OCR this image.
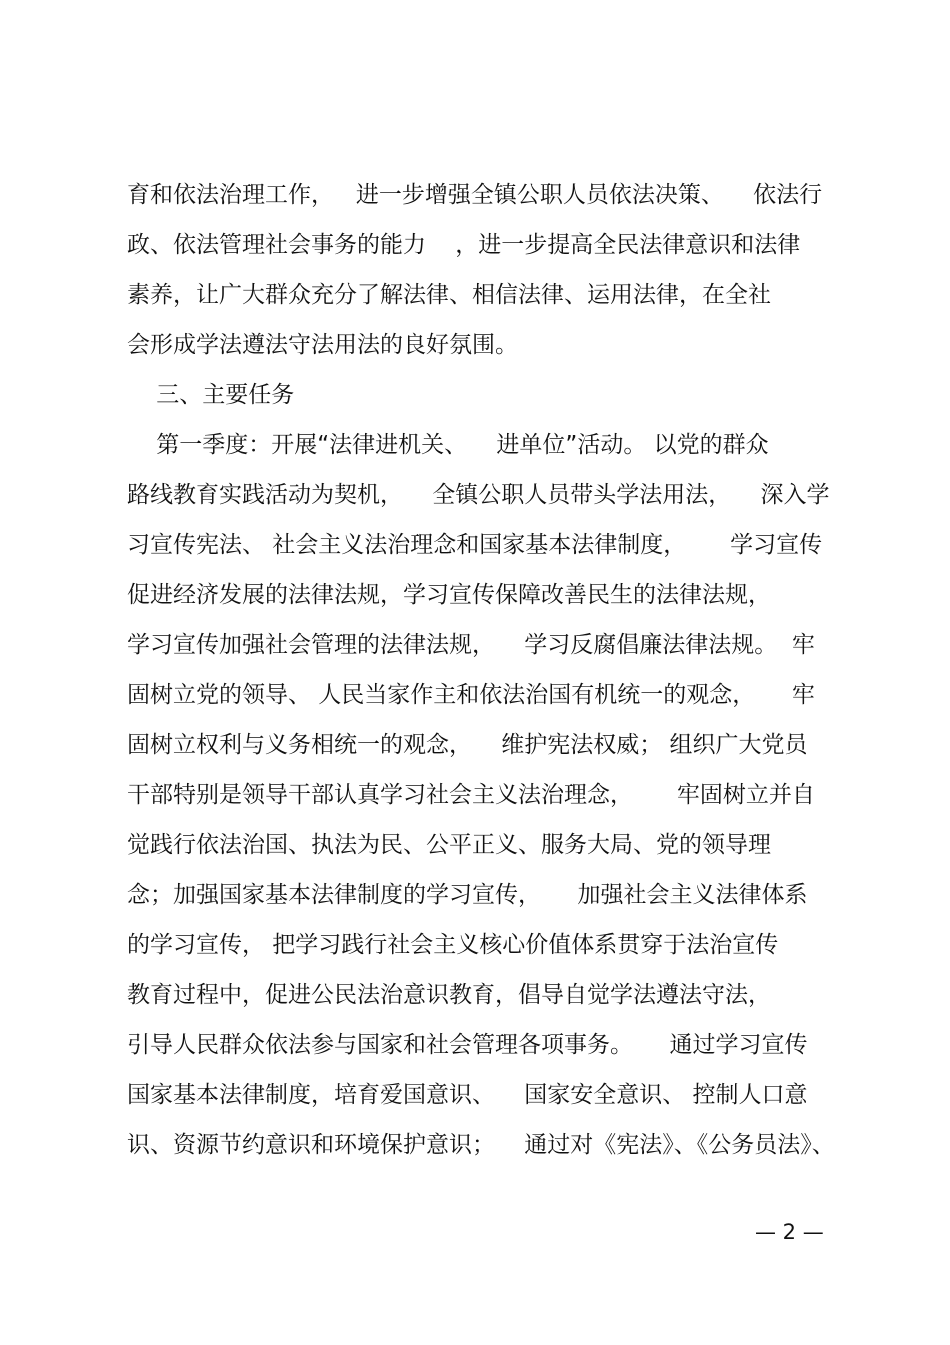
育和依法治理工作，   进一步增强全镇公职人员依法决策、    依法行
政、依法管理社会事务的能力    ，进一步提高全民法律意识和法律
素养，让广大群众充分了解法律、相信法律、运用法律，在全社
会形成学法遵法守法用法的良好氛围。
三、主要任务
第一季度：开展“法律进机关、    进单位”活动。 以党的群众
路线教育实践活动为契机，    全镇公职人员带头学法用法，    深入学
习宣传宪法、 社会主义法治理念和国家基本法律制度，      学习宣传
促进经济发展的法律法规，学习宣传保障改善民生的法律法规，
学习宣传加强社会管理的法律法规，    学习反腐倡廉法律法规。  牢
固树立党的领导、 人民当家作主和依法治国有机统一的观念，     牢
固树立权利与义务相统一的观念，    维护宪法权威； 组织广大党员
干部特别是领导干部认真学习社会主义法治理念，      牢固树立并自
觉践行依法治国、执法为民、公平正义、服务大局、党的领导理
念；加强国家基本法律制度的学习宣传，     加强社会主义法律体系
的学习宣传， 把学习践行社会主义核心价值体系贯穿于法治宣传
教育过程中，促进公民法治意识教育，倡导自觉学法遵法守法，
引导人民群众依法参与国家和社会管理各项事务。     通过学习宣传
国家基本法律制度，培育爱国意识、    国家安全意识、 控制人口意
识、资源节约意识和环境保护意识；    通过对《宪法》、《公务员法》、
— 2 —
